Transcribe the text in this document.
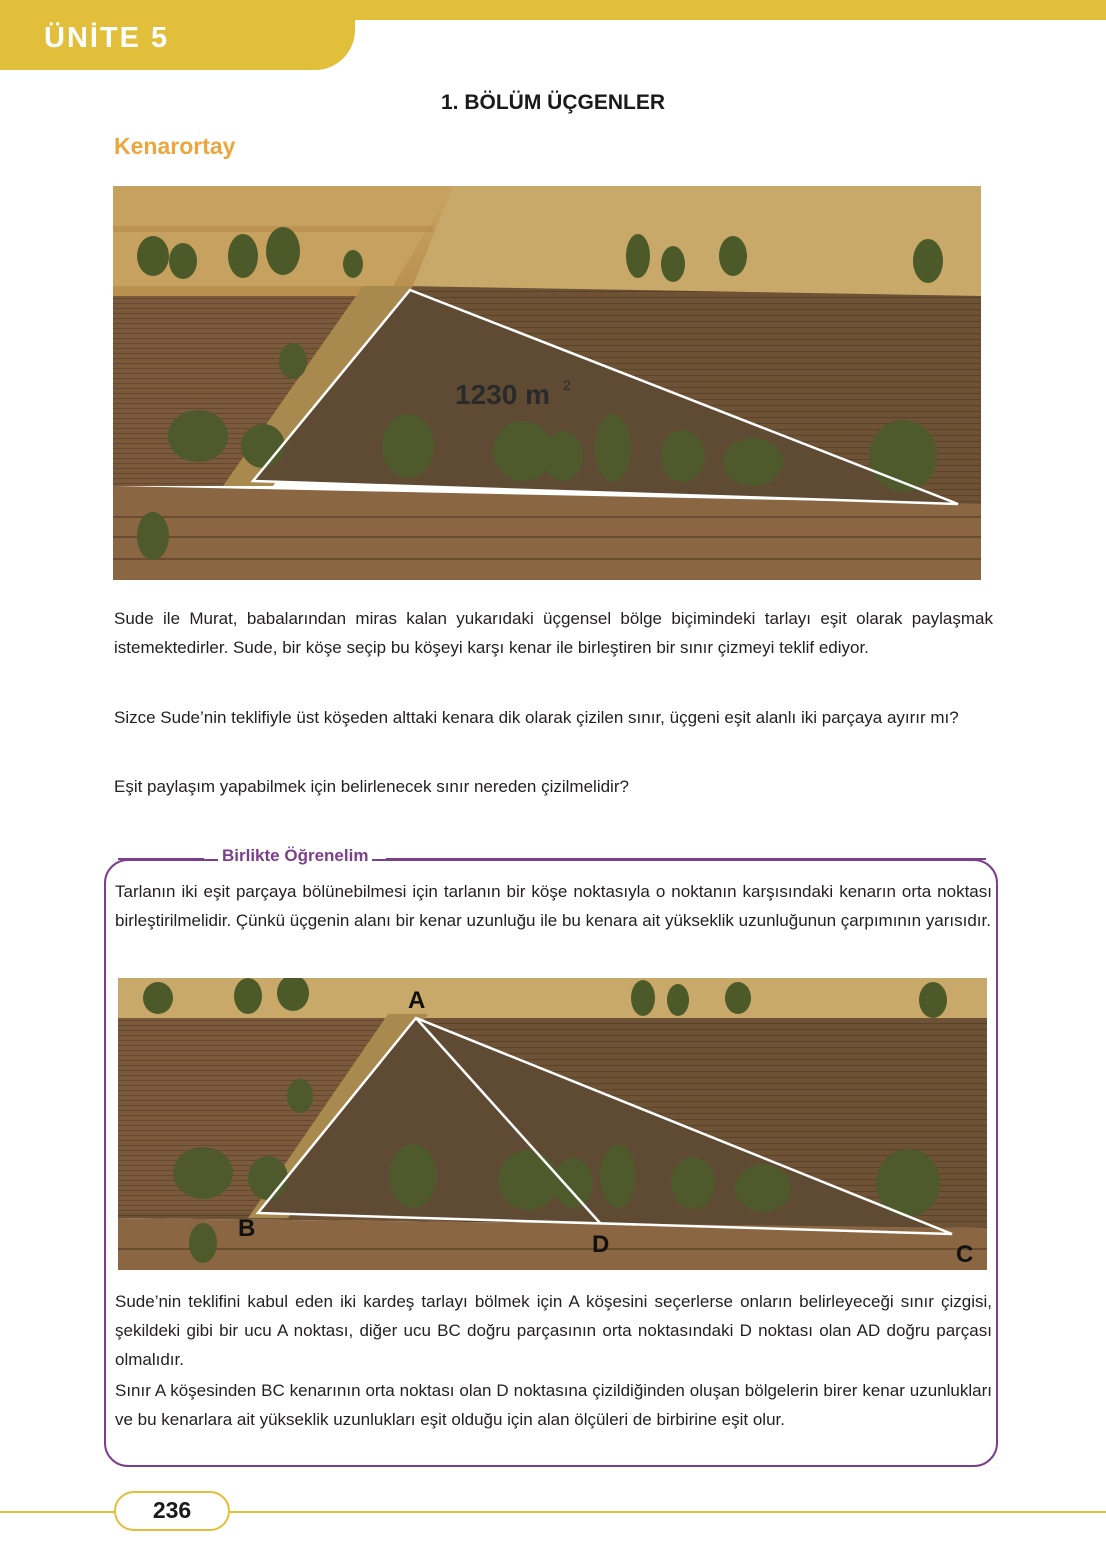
ÜNİTE 5
1. BÖLÜM ÜÇGENLER
Kenarortay
1230 m 2
Sude ile Murat, babalarından miras kalan yukarıdaki üçgensel bölge biçimindeki tarlayı eşit olarak paylaşmak istemektedirler. Sude, bir köşe seçip bu köşeyi karşı kenar ile birleştiren bir sınır çizmeyi teklif ediyor.
Sizce Sude’nin teklifiyle üst köşeden alttaki kenara dik olarak çizilen sınır, üçgeni eşit alanlı iki parçaya ayırır mı?
Eşit paylaşım yapabilmek için belirlenecek sınır nereden çizilmelidir?
Birlikte Öğrenelim
Tarlanın iki eşit parçaya bölünebilmesi için tarlanın bir köşe noktasıyla o noktanın karşısındaki kenarın orta noktası birleştirilmelidir. Çünkü üçgenin alanı bir kenar uzunluğu ile bu kenara ait yükseklik uzunluğunun çarpımının yarısıdır.
A
B
C
D
Sude’nin teklifini kabul eden iki kardeş tarlayı bölmek için A köşesini seçerlerse onların belirleyeceği sınır çizgisi, şekildeki gibi bir ucu A noktası, diğer ucu BC doğru parçasının orta noktasındaki D noktası olan AD doğru parçası olmalıdır.
Sınır A köşesinden BC kenarının orta noktası olan D noktasına çizildiğinden oluşan bölgelerin birer kenar uzunlukları ve bu kenarlara ait yükseklik uzunlukları eşit olduğu için alan ölçüleri de birbirine eşit olur.
236
